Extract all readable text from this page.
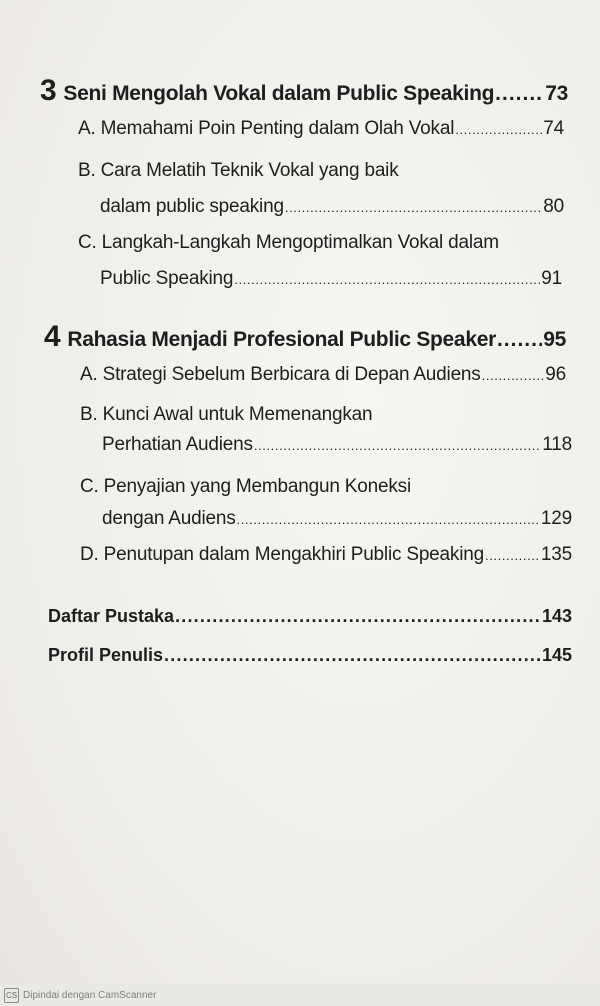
3 Seni Mengolah Vokal dalam Public Speaking ..... 73
A. Memahami Poin Penting dalam Olah Vokal .....	74
B. Cara Melatih Teknik Vokal yang baik
dalam public speaking .....	80
C. Langkah-Langkah Mengoptimalkan Vokal dalam
Public Speaking .....	91
4 Rahasia Menjadi Profesional Public Speaker ..... 95
A. Strategi Sebelum Berbicara di Depan Audiens .....	96
B. Kunci Awal untuk Memenangkan
Perhatian Audiens .....	118
C. Penyajian yang Membangun Koneksi
dengan Audiens .....	129
D. Penutupan dalam Mengakhiri Public Speaking .....	135
Daftar Pustaka .....	143
Profil Penulis .....	145
CS Dipindai dengan CamScanner
